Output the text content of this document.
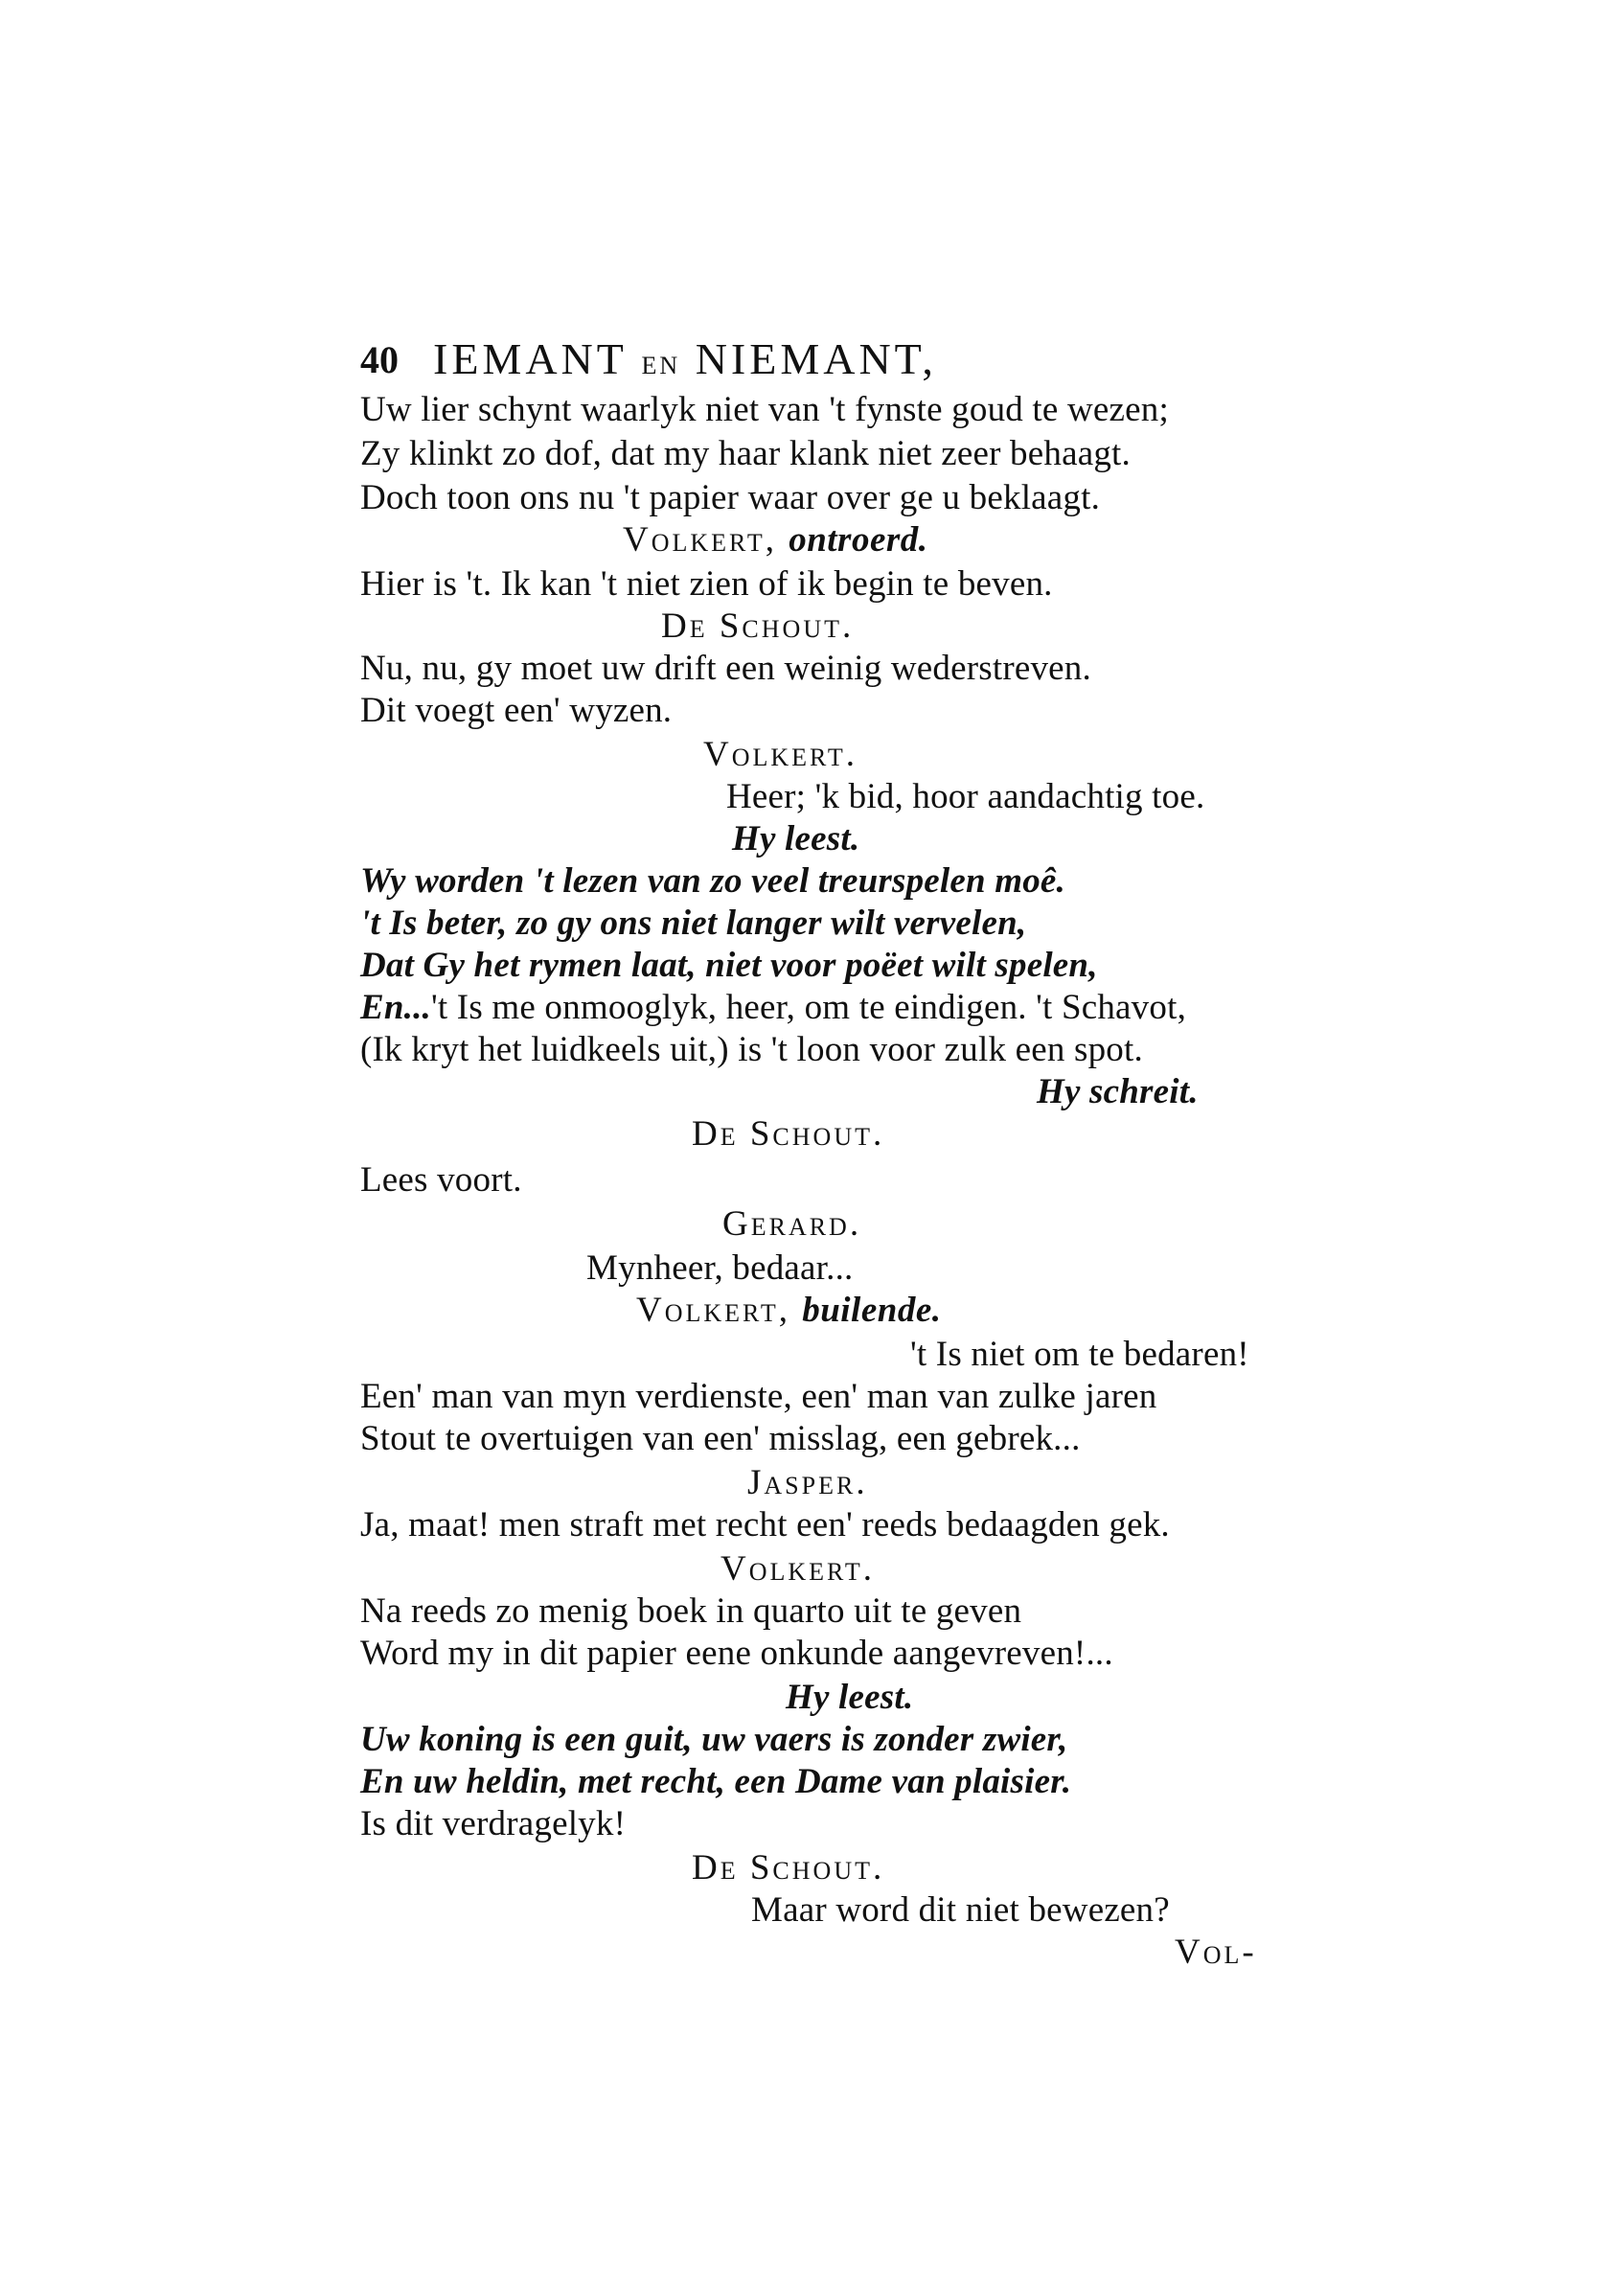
40 IEMANT EN NIEMANT,
Uw lier schynt waarlyk niet van 't fynste goud te wezen;
Zy klinkt zo dof, dat my haar klank niet zeer behaagt.
Doch toon ons nu 't papier waar over ge u beklaagt.
Volkert, ontroerd.
Hier is 't. Ik kan 't niet zien of ik begin te beven.
De Schout.
Nu, nu, gy moet uw drift een weinig wederstreven.
Dit voegt een' wyzen.
Volkert.
Heer; 'k bid, hoor aandachtig toe.
Hy leest.
Wy worden 't lezen van zo veel treurspelen moê.
't Is beter, zo gy ons niet langer wilt vervelen,
Dat Gy het rymen laat, niet voor poëet wilt spelen,
En...'t Is me onmooglyk, heer, om te eindigen. 't Schavot,
(Ik kryt het luidkeels uit,) is 't loon voor zulk een spot.
Hy schreit.
De Schout.
Lees voort.
Gerard.
Mynheer, bedaar...
Volkert, builende.
't Is niet om te bedaren!
Een' man van myn verdienste, een' man van zulke jaren
Stout te overtuigen van een' misslag, een gebrek...
Jasper.
Ja, maat! men straft met recht een' reeds bedaagden gek.
Volkert.
Na reeds zo menig boek in quarto uit te geven
Word my in dit papier eene onkunde aangevreven!...
Hy leest.
Uw koning is een guit, uw vaers is zonder zwier,
En uw heldin, met recht, een Dame van plaisier.
Is dit verdragelyk!
De Schout.
Maar word dit niet bewezen?
Vol-
